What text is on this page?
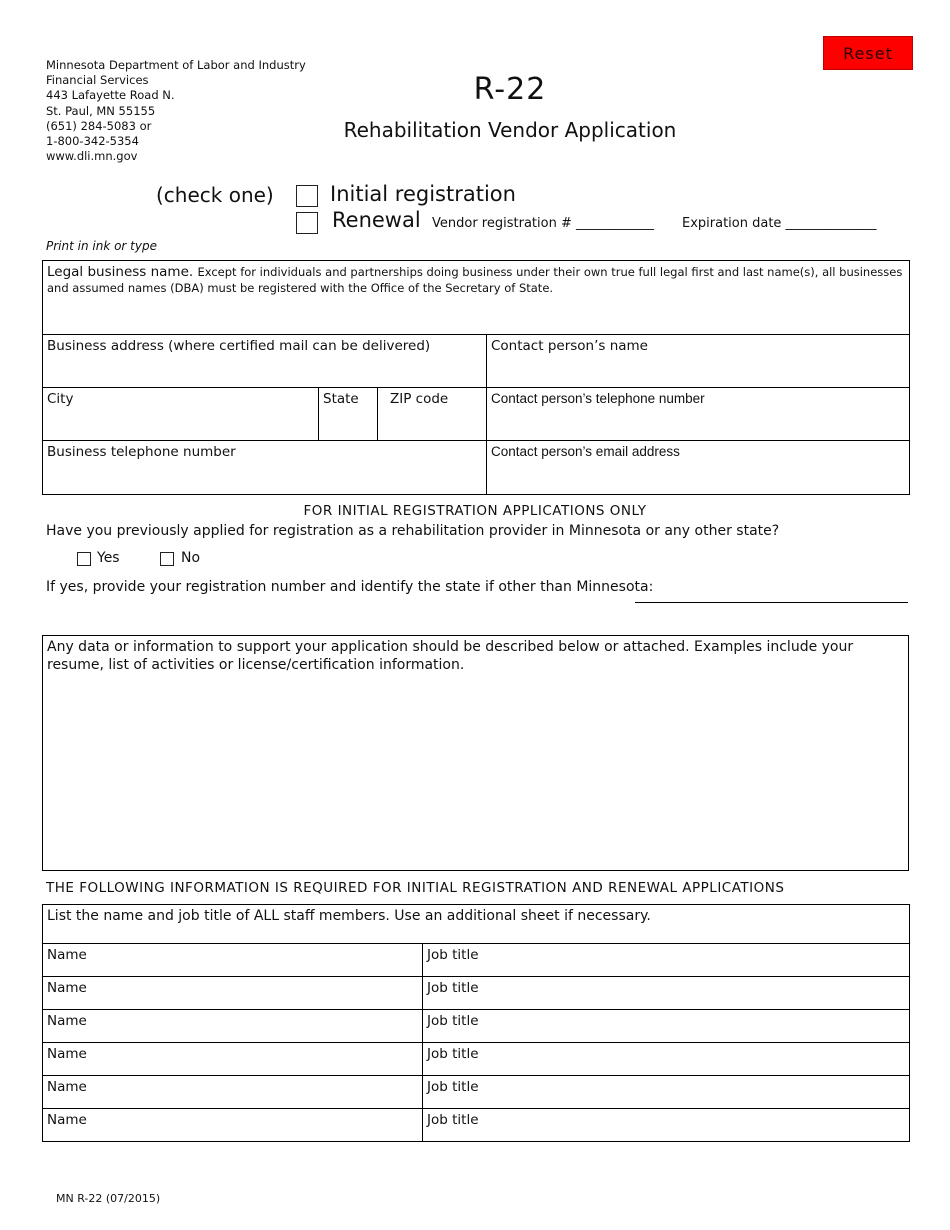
Minnesota Department of Labor and Industry
Financial Services
443 Lafayette Road N.
St. Paul, MN 55155
(651) 284-5083 or
1-800-342-5354
www.dli.mn.gov
Reset
R-22
Rehabilitation Vendor Application
(check one)	Initial registration
Renewal Vendor registration # ____________ Expiration date ______________
Print in ink or type
Legal business name. Except for individuals and partnerships doing business under their own true full legal first and last name(s), all businesses and assumed names (DBA) must be registered with the Office of the Secretary of State.			
Business address (where certified mail can be delivered)			Contact person’s name
City	State	ZIP code	Contact person’s telephone number
Business telephone number			Contact person’s email address
FOR INITIAL REGISTRATION APPLICATIONS ONLY
Have you previously applied for registration as a rehabilitation provider in Minnesota or any other state?
Yes	No
If yes, provide your registration number and identify the state if other than Minnesota:
Any data or information to support your application should be described below or attached. Examples include your resume, list of activities or license/certification information.
THE FOLLOWING INFORMATION IS REQUIRED FOR INITIAL REGISTRATION AND RENEWAL APPLICATIONS
List the name and job title of ALL staff members. Use an additional sheet if necessary.	
Name	Job title
Name	Job title
Name	Job title
Name	Job title
Name	Job title
Name	Job title
MN R-22 (07/2015)
